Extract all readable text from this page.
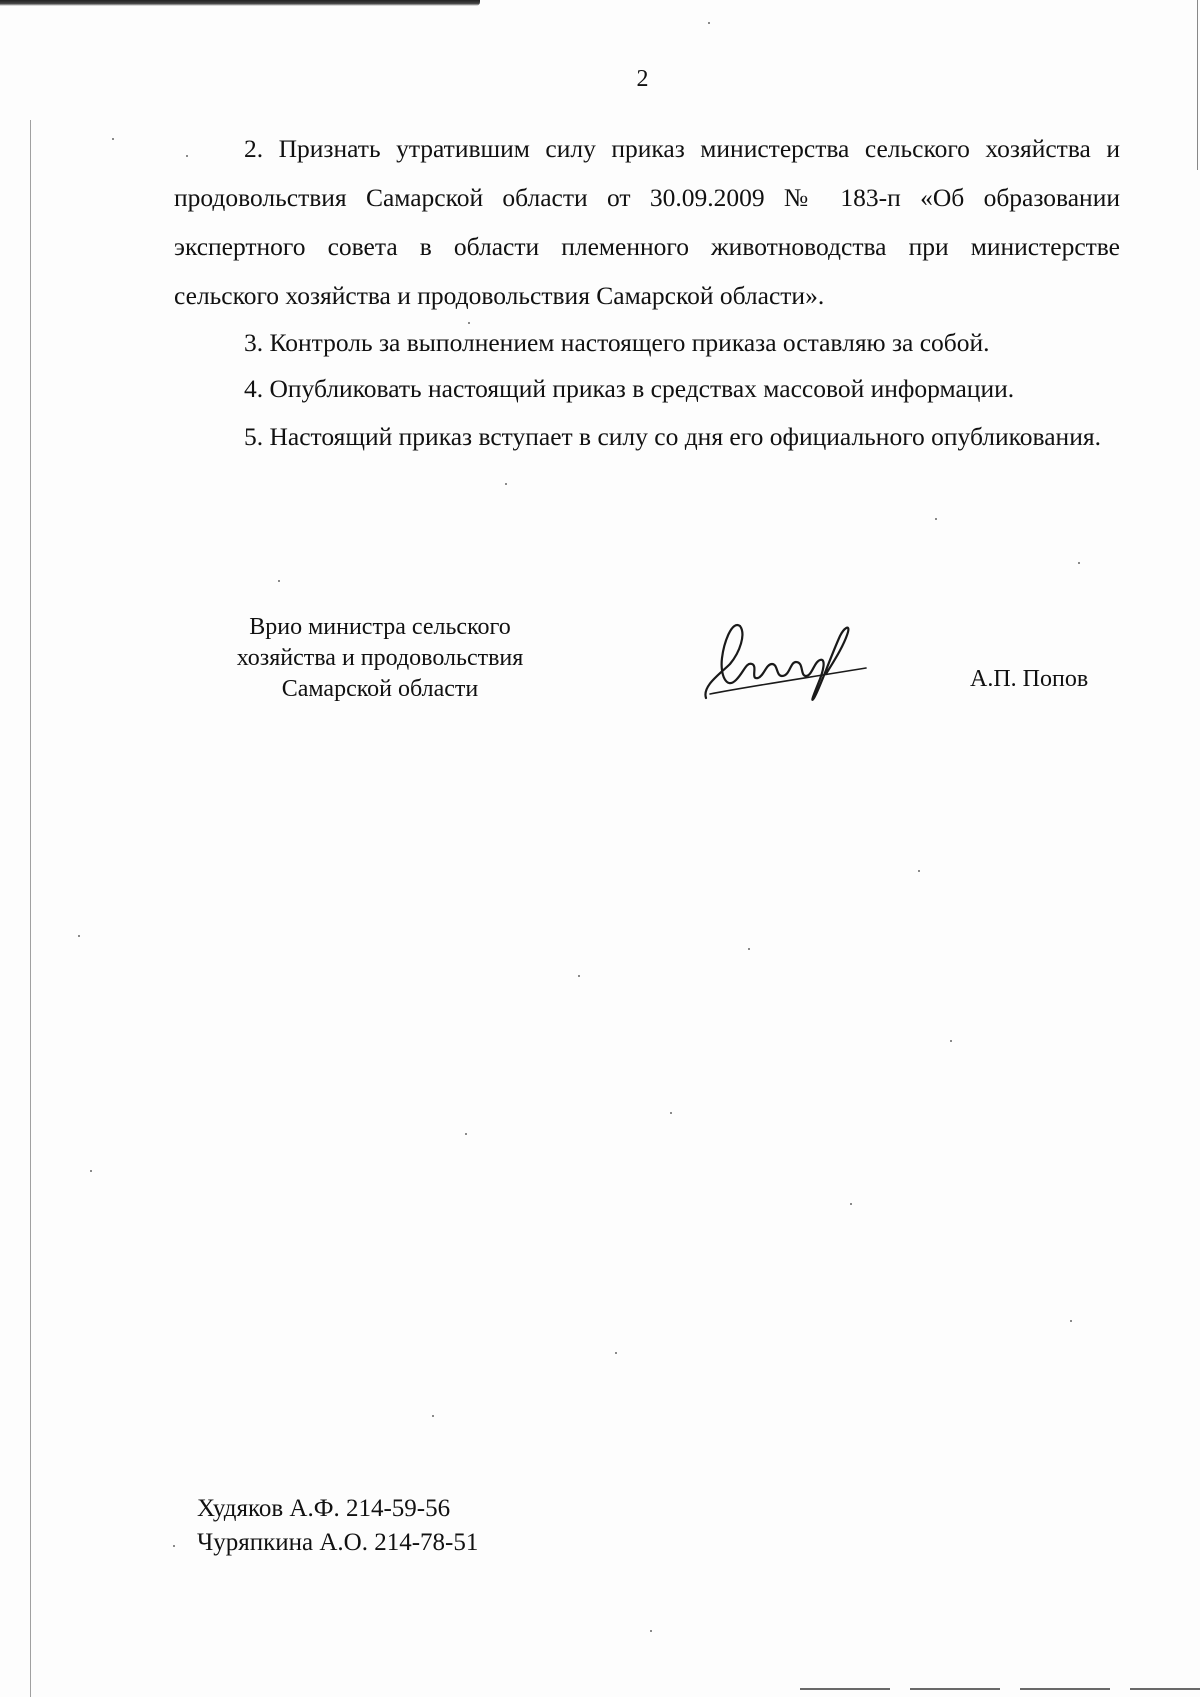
2

2. Признать утратившим силу приказ министерства сельского хозяйства и продовольствия Самарской области от 30.09.2009 № 183-п «Об образовании экспертного совета в области племенного животноводства при министерстве сельского хозяйства и продовольствия Самарской области».

3. Контроль за выполнением настоящего приказа оставляю за собой.

4. Опубликовать настоящий приказ в средствах массовой информации.

5. Настоящий приказ вступает в силу со дня его официального опубликования.

Врио министра сельского
хозяйства и продовольствия
Самарской области	А.П. Попов
Худяков А.Ф. 214-59-56
Чуряпкина А.О. 214-78-51
